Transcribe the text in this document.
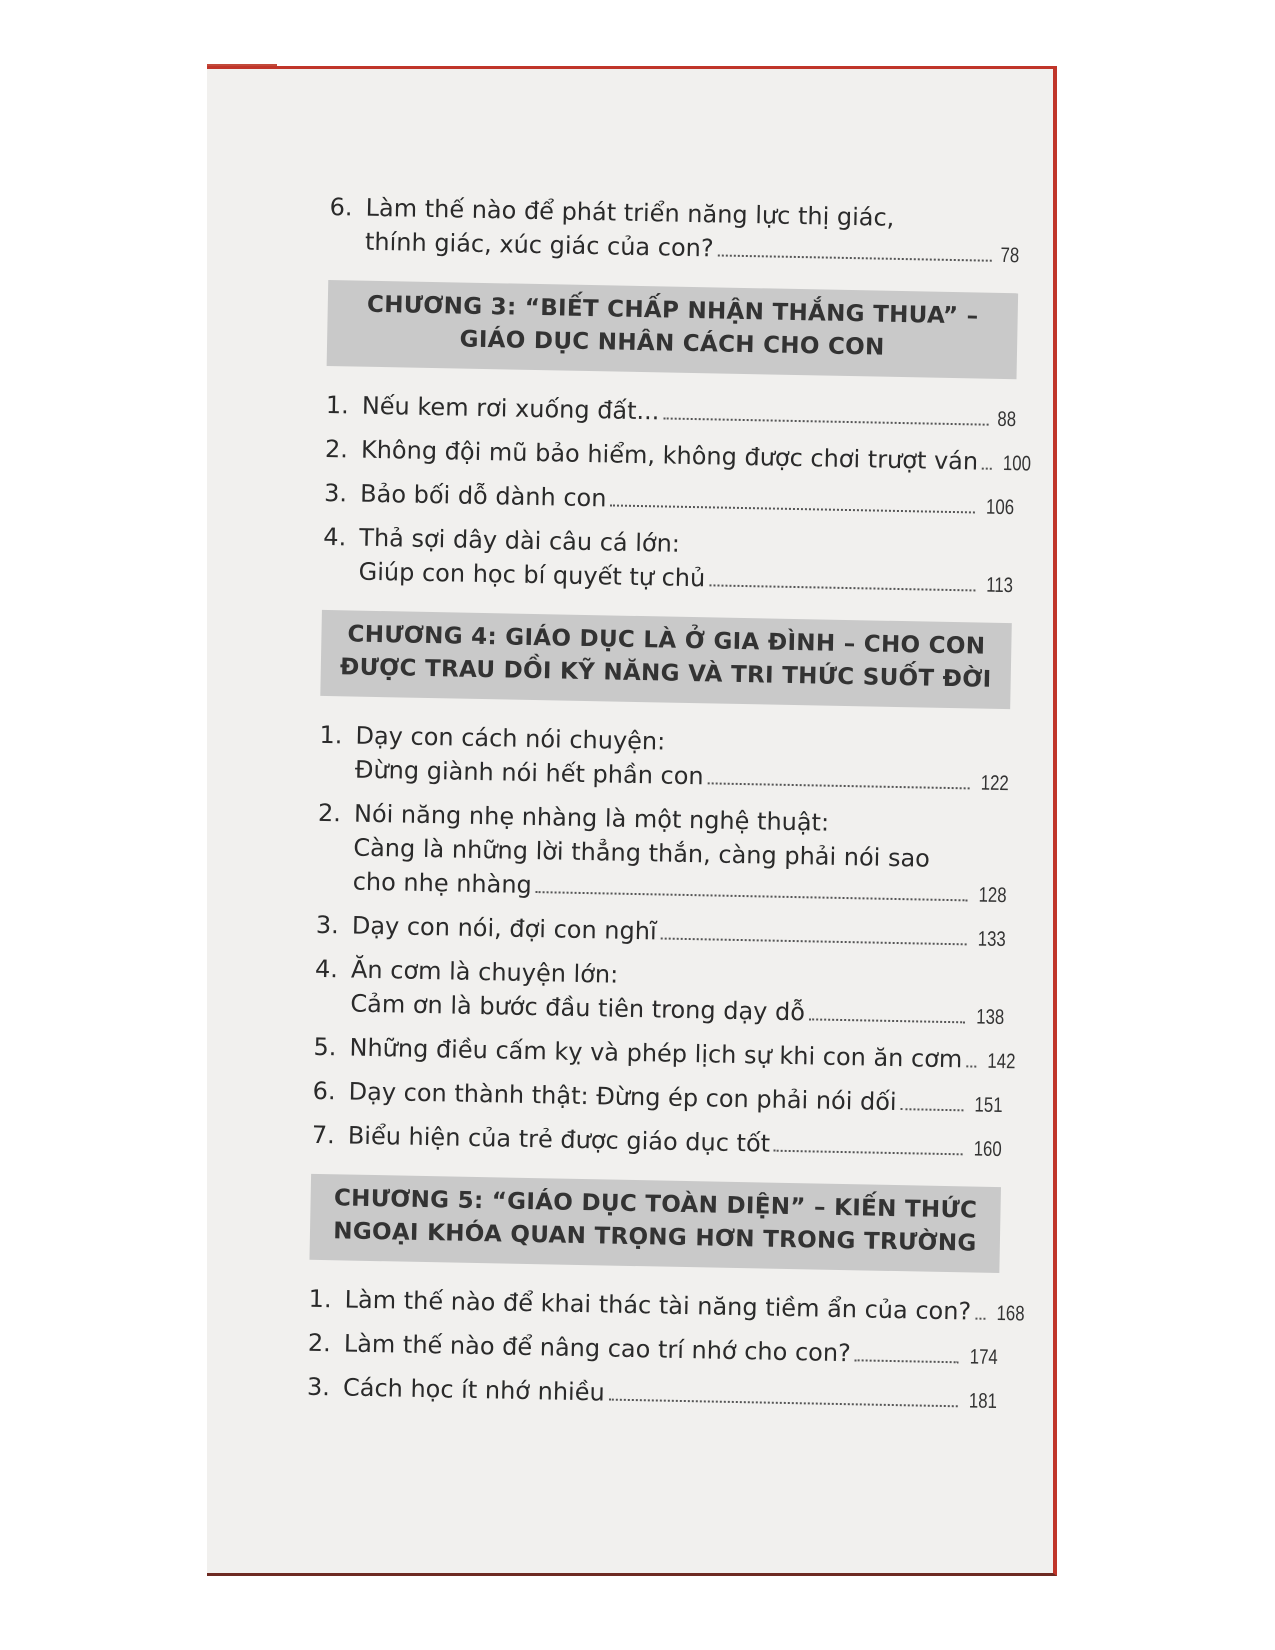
6. Làm thế nào để phát triển năng lực thị giác,
thính giác, xúc giác của con?	78
CHƯƠNG 3: “BIẾT CHẤP NHẬN THẮNG THUA” –
GIÁO DỤC NHÂN CÁCH CHO CON
1. Nếu kem rơi xuống đất...	88
2. Không đội mũ bảo hiểm, không được chơi trượt ván 100
3. Bảo bối dỗ dành con	106
4. Thả sợi dây dài câu cá lớn:
Giúp con học bí quyết tự chủ	113
CHƯƠNG 4: GIÁO DỤC LÀ Ở GIA ĐÌNH – CHO CON
ĐƯỢC TRAU DỒI KỸ NĂNG VÀ TRI THỨC SUỐT ĐỜI
1. Dạy con cách nói chuyện:
Đừng giành nói hết phần con	122
2. Nói năng nhẹ nhàng là một nghệ thuật:
Càng là những lời thẳng thắn, càng phải nói sao
cho nhẹ nhàng	128
3. Dạy con nói, đợi con nghĩ	133
4. Ăn cơm là chuyện lớn:
Cảm ơn là bước đầu tiên trong dạy dỗ	138
5. Những điều cấm kỵ và phép lịch sự khi con ăn cơm 142
6. Dạy con thành thật: Đừng ép con phải nói dối	151
7. Biểu hiện của trẻ được giáo dục tốt	160
CHƯƠNG 5: “GIÁO DỤC TOÀN DIỆN” – KIẾN THỨC
NGOẠI KHÓA QUAN TRỌNG HƠN TRONG TRƯỜNG
1. Làm thế nào để khai thác tài năng tiềm ẩn của con? 168
2. Làm thế nào để nâng cao trí nhớ cho con?	174
3. Cách học ít nhớ nhiều	181
